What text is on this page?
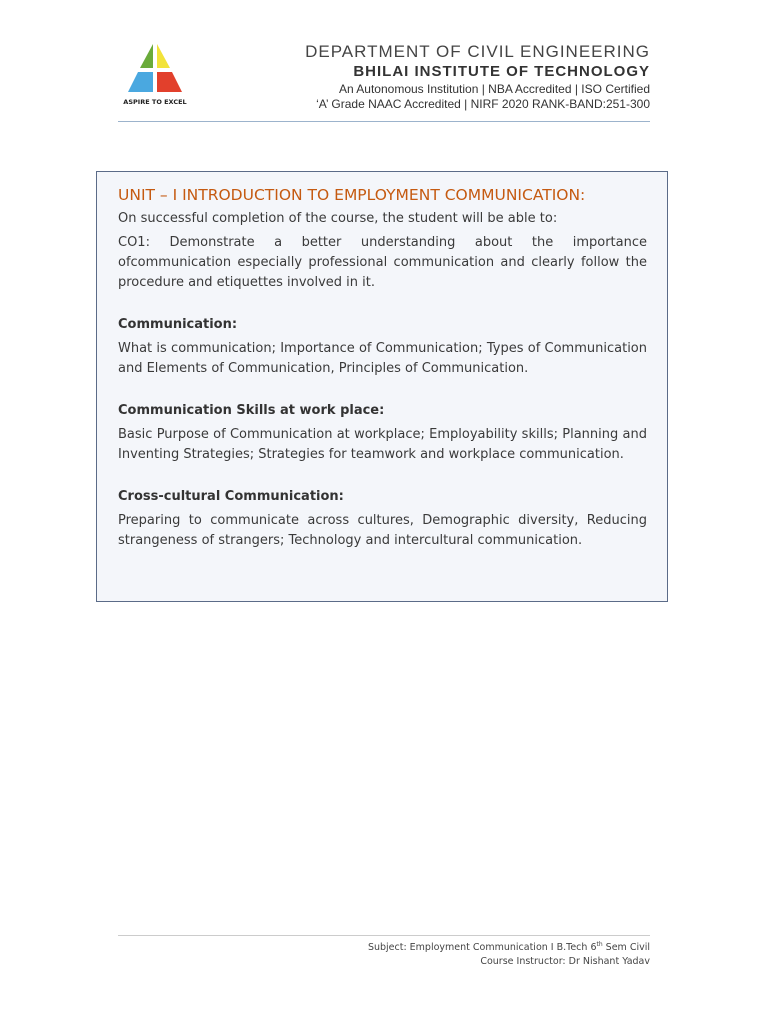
ASPIRE TO EXCEL
DEPARTMENT OF CIVIL ENGINEERING
BHILAI INSTITUTE OF TECHNOLOGY
An Autonomous Institution | NBA Accredited | ISO Certified
‘A’ Grade NAAC Accredited | NIRF 2020 RANK-BAND:251-300

UNIT – I INTRODUCTION TO EMPLOYMENT COMMUNICATION:

On successful completion of the course, the student will be able to:

CO1: Demonstrate a better understanding about the importance ofcommunication especially professional communication and clearly follow the procedure and etiquettes involved in it.

Communication:

What is communication; Importance of Communication; Types of Communication and Elements of Communication, Principles of Communication.

Communication Skills at work place:

Basic Purpose of Communication at workplace; Employability skills; Planning and Inventing Strategies; Strategies for teamwork and workplace communication.

Cross-cultural Communication:

Preparing to communicate across cultures, Demographic diversity, Reducing strangeness of strangers; Technology and intercultural communication.

Subject: Employment Communication I B.Tech 6th Sem Civil
Course Instructor: Dr Nishant Yadav
